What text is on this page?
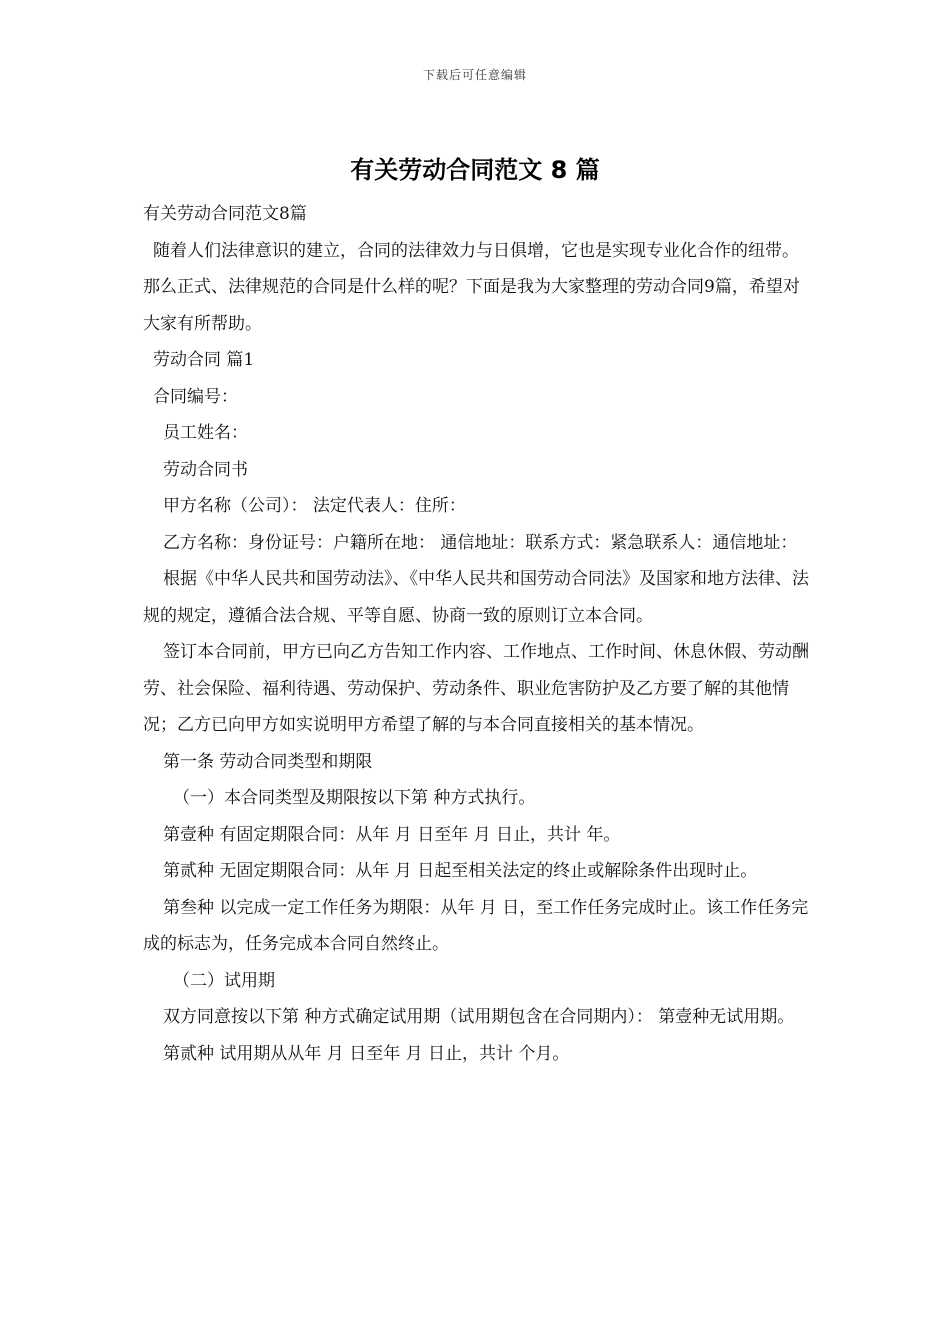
下载后可任意编辑
有关劳动合同范文 8 篇

有关劳动合同范文8篇

随着人们法律意识的建立，合同的法律效力与日俱增，它也是实现专业化合作的纽带。那么正式、法律规范的合同是什么样的呢？下面是我为大家整理的劳动合同9篇，希望对大家有所帮助。

劳动合同 篇1

合同编号：

员工姓名：

劳动合同书

甲方名称（公司）： 法定代表人：住所：

乙方名称：身份证号：户籍所在地： 通信地址：联系方式：紧急联系人：通信地址：

根据《中华人民共和国劳动法》、《中华人民共和国劳动合同法》及国家和地方法律、法规的规定，遵循合法合规、平等自愿、协商一致的原则订立本合同。

签订本合同前，甲方已向乙方告知工作内容、工作地点、工作时间、休息休假、劳动酬劳、社会保险、福利待遇、劳动保护、劳动条件、职业危害防护及乙方要了解的其他情况；乙方已向甲方如实说明甲方希望了解的与本合同直接相关的基本情况。

第一条 劳动合同类型和期限

（一）本合同类型及期限按以下第 种方式执行。

第壹种 有固定期限合同：从年 月 日至年 月 日止，共计 年。

第贰种 无固定期限合同：从年 月 日起至相关法定的终止或解除条件出现时止。

第叁种 以完成一定工作任务为期限：从年 月 日，至工作任务完成时止。该工作任务完成的标志为，任务完成本合同自然终止。

（二）试用期

双方同意按以下第 种方式确定试用期（试用期包含在合同期内）： 第壹种无试用期。

第贰种 试用期从从年 月 日至年 月 日止，共计 个月。
